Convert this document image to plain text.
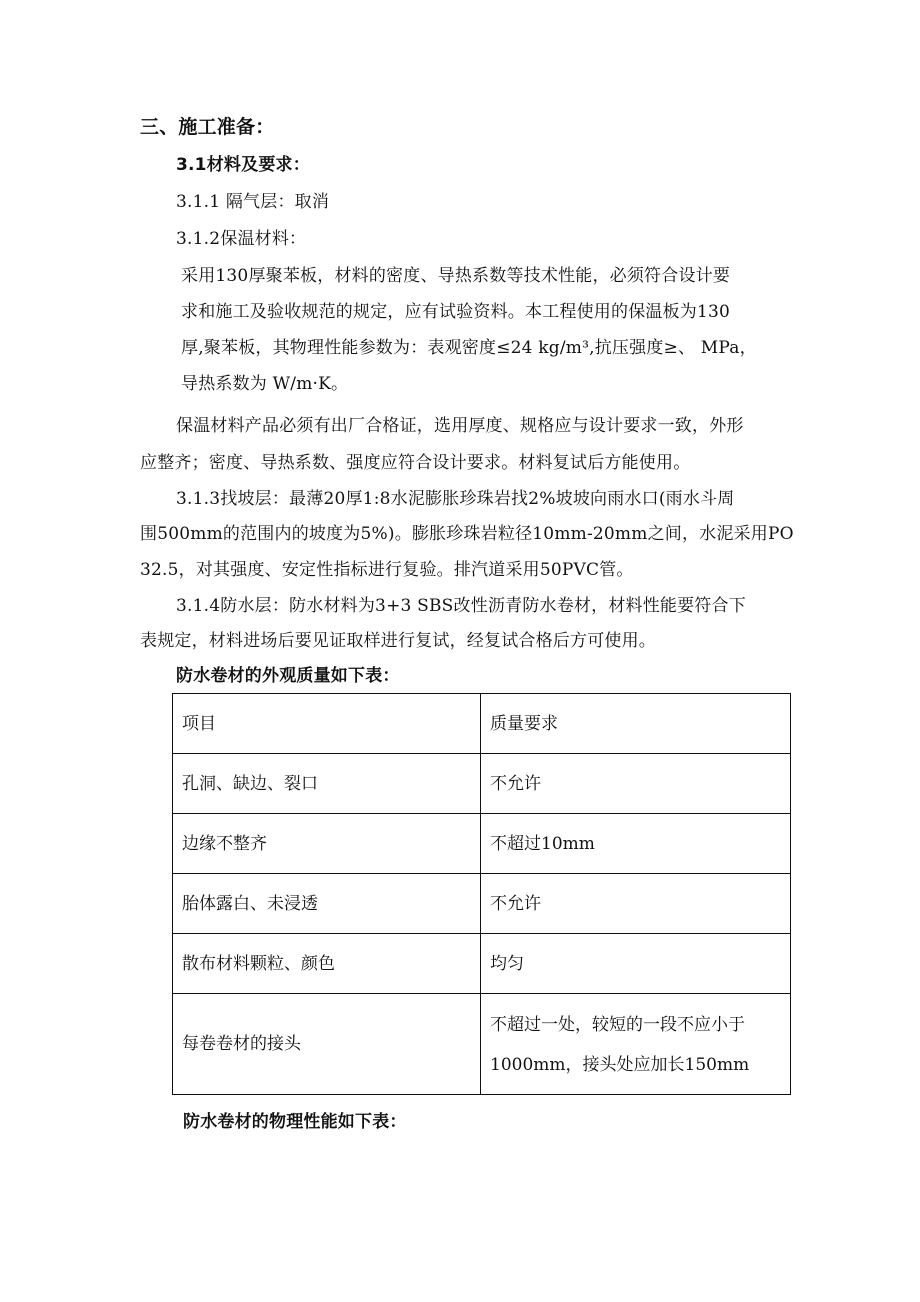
三、施工准备：
3.1材料及要求：
3.1.1 隔气层：取消
3.1.2保温材料：
采用130厚聚苯板，材料的密度、导热系数等技术性能，必须符合设计要
求和施工及验收规范的规定，应有试验资料。本工程使用的保温板为130
厚,聚苯板，其物理性能参数为：表观密度≤24 kg/m³,抗压强度≥、 MPa，
导热系数为 W/m·K。
保温材料产品必须有出厂合格证，选用厚度、规格应与设计要求一致，外形
应整齐；密度、导热系数、强度应符合设计要求。材料复试后方能使用。
3.1.3找坡层：最薄20厚1:8水泥膨胀珍珠岩找2%坡坡向雨水口(雨水斗周
围500mm的范围内的坡度为5%)。膨胀珍珠岩粒径10mm-20mm之间，水泥采用PO
32.5，对其强度、安定性指标进行复验。排汽道采用50PVC管。
3.1.4防水层：防水材料为3+3 SBS改性沥青防水卷材，材料性能要符合下
表规定，材料进场后要见证取样进行复试，经复试合格后方可使用。
防水卷材的外观质量如下表：
项目	质量要求
孔洞、缺边、裂口	不允许
边缘不整齐	不超过10mm
胎体露白、未浸透	不允许
散布材料颗粒、颜色	均匀
每卷卷材的接头	不超过一处，较短的一段不应小于
1000mm，接头处应加长150mm
防水卷材的物理性能如下表：
